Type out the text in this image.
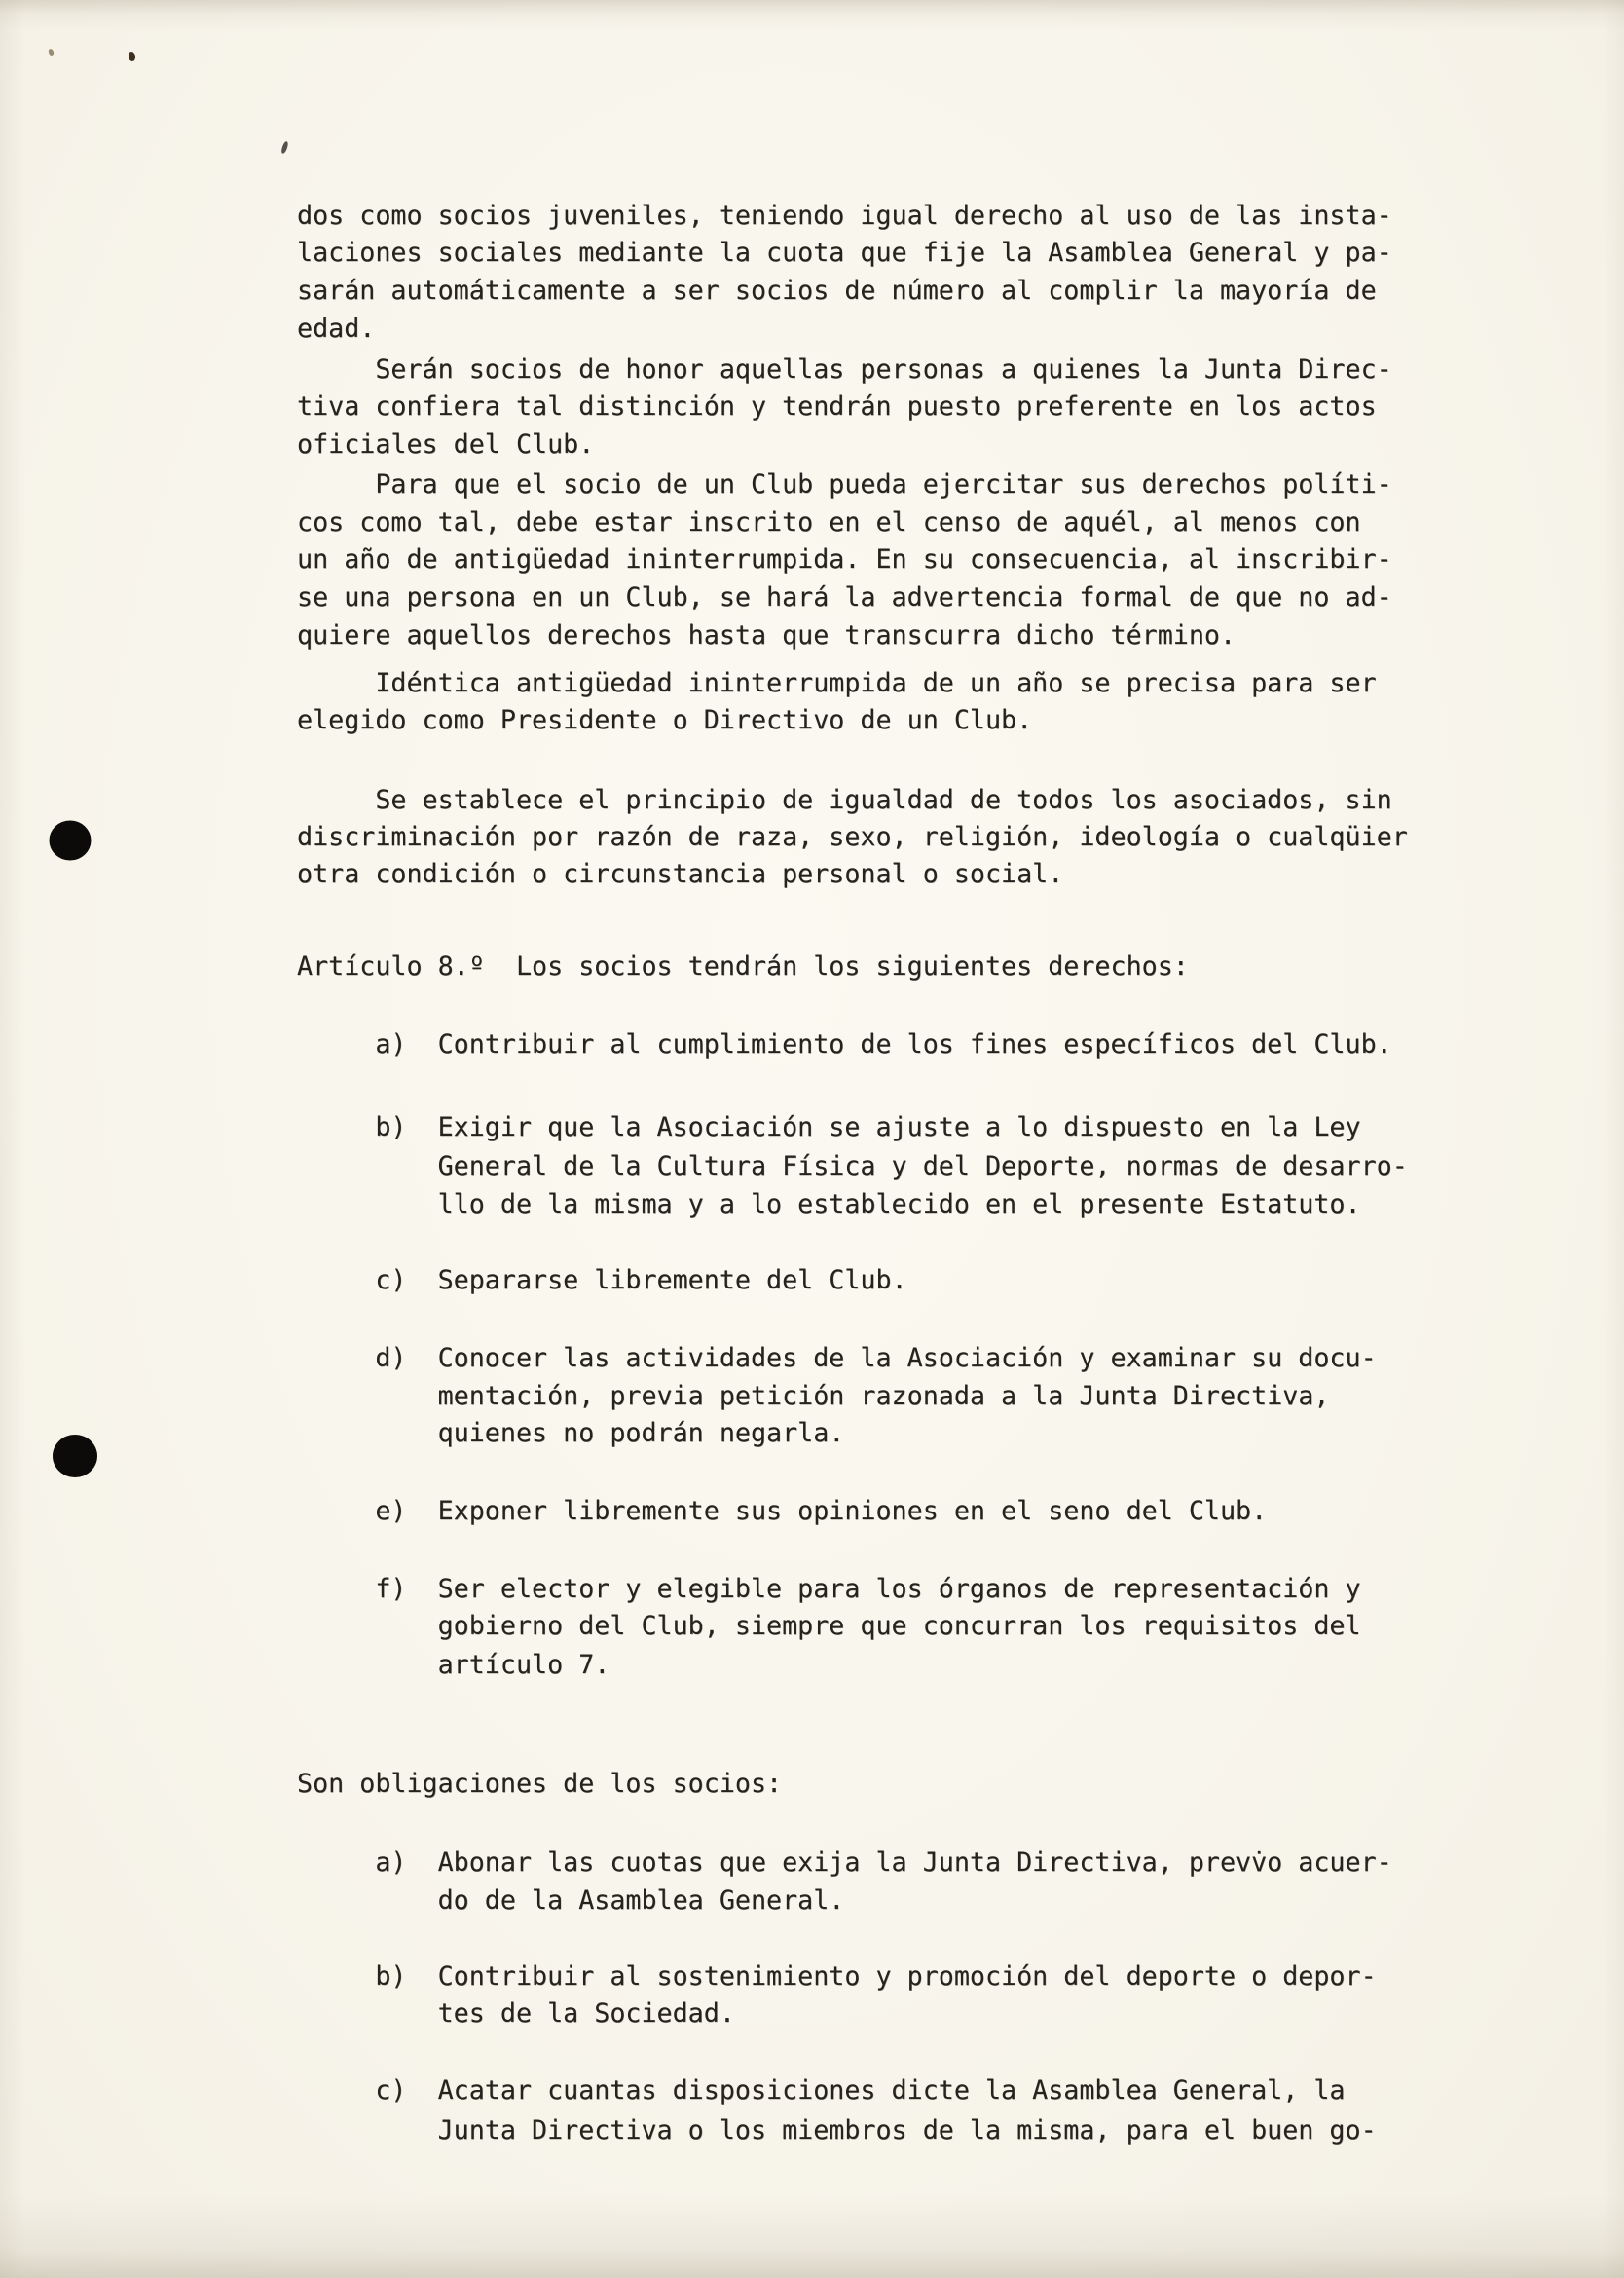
dos como socios juveniles, teniendo igual derecho al uso de las insta-
laciones sociales mediante la cuota que fije la Asamblea General y pa-
sarán automáticamente a ser socios de número al complir la mayoría de
edad.
Serán socios de honor aquellas personas a quienes la Junta Direc-
tiva confiera tal distinción y tendrán puesto preferente en los actos
oficiales del Club.
Para que el socio de un Club pueda ejercitar sus derechos políti-
cos como tal, debe estar inscrito en el censo de aquél, al menos con
un año de antigüedad ininterrumpida. En su consecuencia, al inscribir-
se una persona en un Club, se hará la advertencia formal de que no ad-
quiere aquellos derechos hasta que transcurra dicho término.
Idéntica antigüedad ininterrumpida de un año se precisa para ser
elegido como Presidente o Directivo de un Club.
Se establece el principio de igualdad de todos los asociados, sin
discriminación por razón de raza, sexo, religión, ideología o cualqüier
otra condición o circunstancia personal o social.
Artículo 8.º  Los socios tendrán los siguientes derechos:
a)  Contribuir al cumplimiento de los fines específicos del Club.
b)  Exigir que la Asociación se ajuste a lo dispuesto en la Ley
General de la Cultura Física y del Deporte, normas de desarro-
llo de la misma y a lo establecido en el presente Estatuto.
c)  Separarse libremente del Club.
d)  Conocer las actividades de la Asociación y examinar su docu-
mentación, previa petición razonada a la Junta Directiva,
quienes no podrán negarla.
e)  Exponer libremente sus opiniones en el seno del Club.
f)  Ser elector y elegible para los órganos de representación y
gobierno del Club, siempre que concurran los requisitos del
artículo 7.
Son obligaciones de los socios:
a)  Abonar las cuotas que exija la Junta Directiva, prevv̇o acuer-
do de la Asamblea General.
b)  Contribuir al sostenimiento y promoción del deporte o depor-
tes de la Sociedad.
c)  Acatar cuantas disposiciones dicte la Asamblea General, la
Junta Directiva o los miembros de la misma, para el buen go-
